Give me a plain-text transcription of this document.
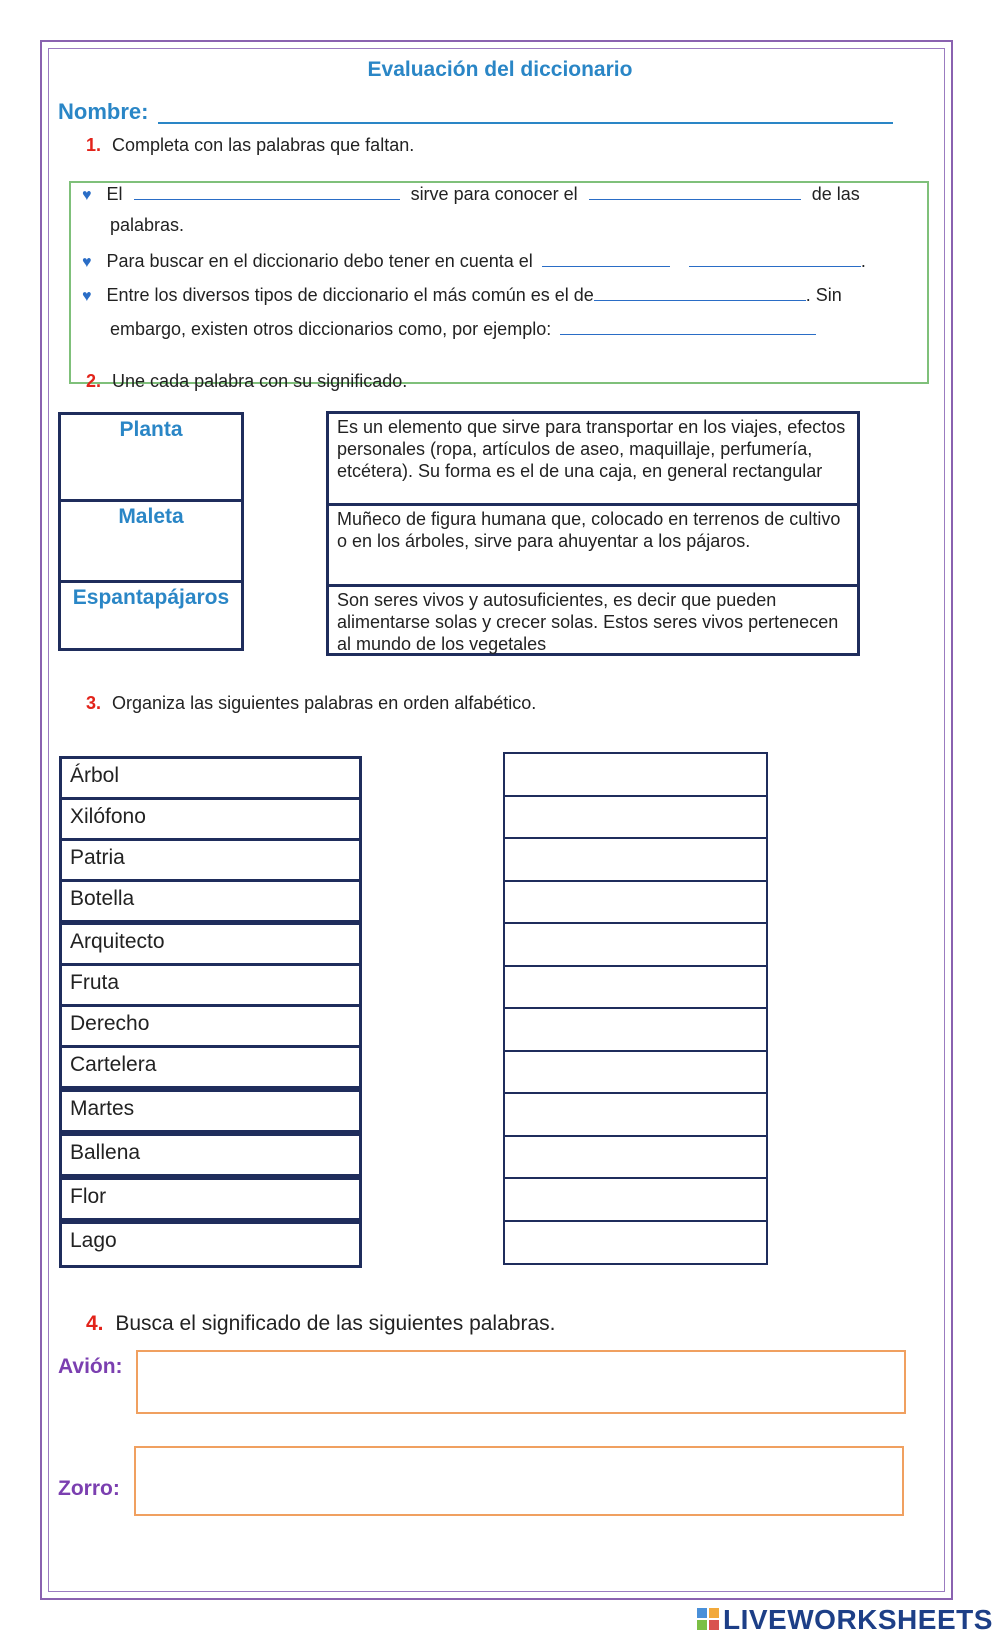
Evaluación del diccionario
Nombre:
1. Completa con las palabras que faltan.
♥ El	sirve para conocer el	de las
palabras.
♥ Para buscar en el diccionario debo tener en cuenta el	.
♥ Entre los diversos tipos de diccionario el más común es el de	. Sin
embargo, existen otros diccionarios como, por ejemplo:
2. Une cada palabra con su significado.
Planta
Maleta
Espantapájaros
Es un elemento que sirve para transportar en los viajes, efectos personales (ropa, artículos de aseo, maquillaje, perfumería, etcétera). Su forma es el de una caja, en general rectangular
Muñeco de figura humana que, colocado en terrenos de cultivo o en los árboles, sirve para ahuyentar a los pájaros.
Son seres vivos y autosuficientes, es decir que pueden alimentarse solas y crecer solas. Estos seres vivos pertenecen al mundo de los vegetales
3. Organiza las siguientes palabras en orden alfabético.
Árbol
Xilófono
Patria
Botella
Arquitecto
Fruta
Derecho
Cartelera
Martes
Ballena
Flor
Lago
4. Busca el significado de las siguientes palabras.
Avión:
Zorro:
LIVEWORKSHEETS
